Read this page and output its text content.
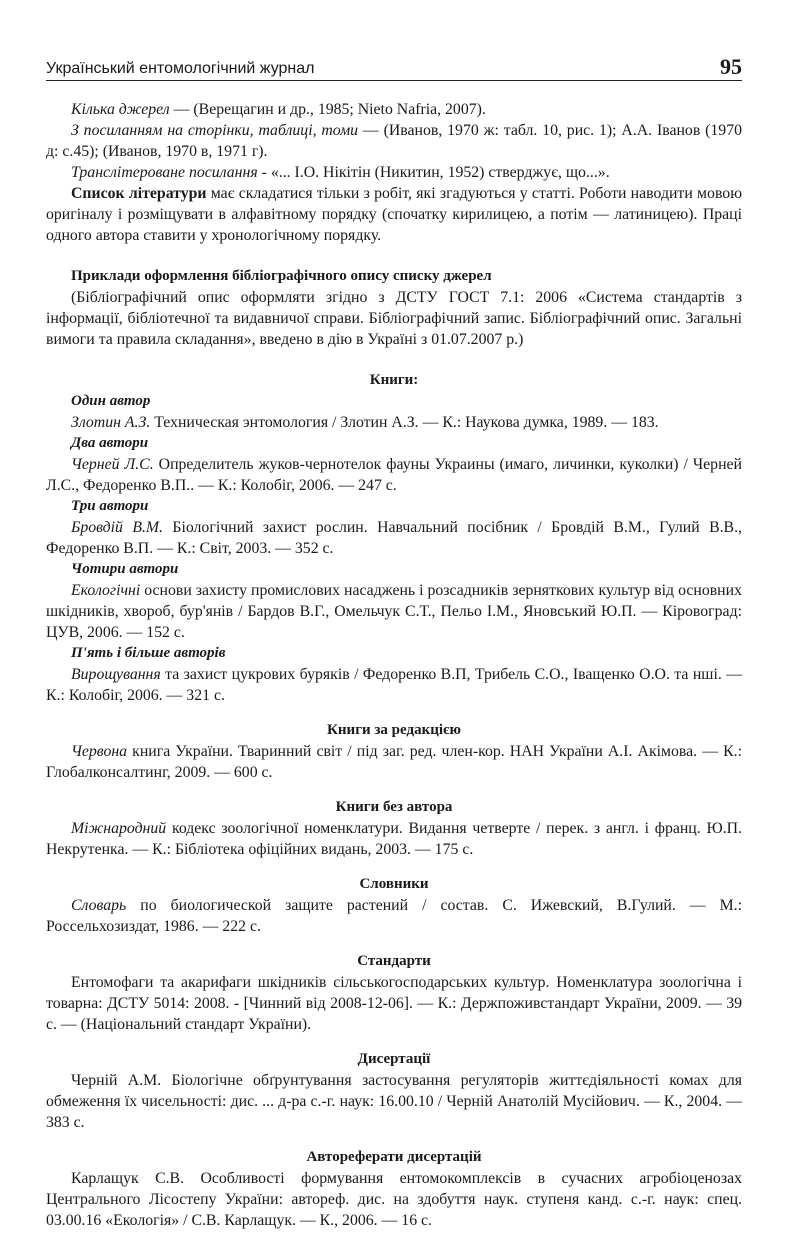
Український ентомологічний журнал	95

Кілька джерел — (Верещагин и др., 1985; Nieto Nafria, 2007).

З посиланням на сторінки, таблиці, томи — (Иванов, 1970 ж: табл. 10, рис. 1); А.А. Іванов (1970 д: с.45); (Иванов, 1970 в, 1971 г).

Транслітероване посилання - «... І.О. Нікітін (Никитин, 1952) стверджує, що...».

Список літератури має складатися тільки з робіт, які згадуються у статті. Роботи наводити мовою оригіналу і розміщувати в алфавітному порядку (спочатку кирилицею, а потім — латиницею). Праці одного автора ставити у хронологічному порядку.

Приклади оформлення бібліографічного опису списку джерел

(Бібліографічний опис оформляти згідно з ДСТУ ГОСТ 7.1: 2006 «Система стандартів з інформації, бібліотечної та видавничої справи. Бібліографічний запис. Бібліографічний опис. Загальні вимоги та правила складання», введено в дію в Україні з 01.07.2007 р.)

Книги:

Один автор

Злотин А.З. Техническая энтомология / Злотин А.З. — К.: Наукова думка, 1989. — 183.

Два автори

Черней Л.С. Определитель жуков-чернотелок фауны Украины (имаго, личинки, куколки) / Черней Л.С., Федоренко В.П.. — К.: Колобіг, 2006. — 247 с.

Три автори

Бровдій В.М. Біологічний захист рослин. Навчальний посібник / Бровдій В.М., Гулий В.В., Федоренко В.П. — К.: Світ, 2003. — 352 с.

Чотири автори

Екологічні основи захисту промислових насаджень і розсадників зерняткових культур від основних шкідників, хвороб, бур'янів / Бардов В.Г., Омельчук С.Т., Пельо І.М., Яновський Ю.П. — Кіровоград: ЦУВ, 2006. — 152 с.

П'ять і більше авторів

Вирощування та захист цукрових буряків / Федоренко В.П, Трибель С.О., Іващенко О.О. та нші. — К.: Колобіг, 2006. — 321 с.

Книги за редакцією

Червона книга України. Тваринний світ / під заг. ред. член-кор. НАН України А.І. Акімова. — К.: Глобалконсалтинг, 2009. — 600 с.

Книги без автора

Міжнародний кодекс зоологічної номенклатури. Видання четверте / перек. з англ. і франц. Ю.П. Некрутенка. — К.: Бібліотека офіційних видань, 2003. — 175 с.

Словники

Словарь по биологической защите растений / состав. С. Ижевский, В.Гулий. — М.: Россельхозиздат, 1986. — 222 с.

Стандарти

Ентомофаги та акарифаги шкідників сільськогосподарських культур. Номенклатура зоологічна і товарна: ДСТУ 5014: 2008. - [Чинний від 2008-12-06]. — К.: Держпоживстандарт України, 2009. — 39 с. — (Національний стандарт України).

Дисертації

Черній А.М. Біологічне обґрунтування застосування регуляторів життєдіяльності комах для обмеження їх чисельності: дис. ... д-ра с.-г. наук: 16.00.10 / Черній Анатолій Мусійович. — К., 2004. — 383 с.

Автореферати дисертацій

Карлащук С.В. Особливості формування ентомокомплексів в сучасних агробіоценозах Центрального Лісостепу України: автореф. дис. на здобуття наук. ступеня канд. с.-г. наук: спец. 03.00.16 «Екологія» / С.В. Карлащук. — К., 2006. — 16 с.
